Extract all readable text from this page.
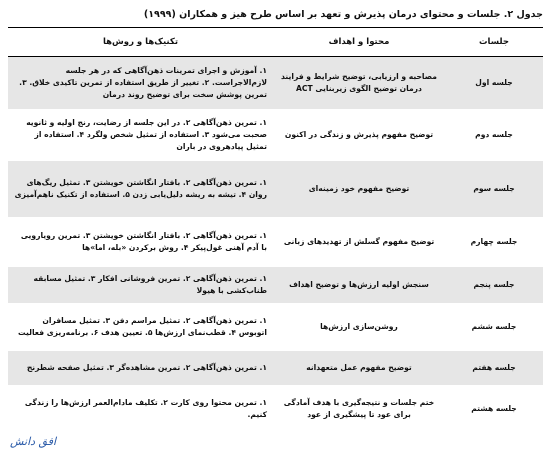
جدول ۲. جلسات و محتوای درمان پذیرش و تعهد بر اساس طرح هیز و همکاران (۱۹۹۹)
جلسات	محتوا و اهداف	تکنیک‌ها و روش‌ها
جلسه اول	مصاحبه و ارزیابی، توضیح شرایط و فرایند درمان توضیح الگوی زیربنایی ACT	۱. آموزش و اجرای تمرینات ذهن‌آگاهی که در هر جلسه لازم‌الاجراست. ۲. تغییر از طریق استفاده از تمرین تاکیدی خلاق. ۳. تمرین پوشش سخت برای توضیح روند درمان
جلسه دوم	توضیح مفهوم پذیرش و زندگی در اکنون	۱. تمرین ذهن‌آگاهی ۲. در این جلسه از رضایت، رنج اولیه و ثانویه صحبت می‌شود ۳. استفاده از تمثیل شخص ولگرد ۴. استفاده از تمثیل پیادهروی در باران
جلسه سوم	توضیح مفهوم خود زمینه‌ای	۱. تمرین ذهن‌آگاهی ۲. بافتار انگاشتن خویشتن ۳. تمثیل ریگ‌های روان ۴. تیشه به ریشه دلیل‌یابی زدن ۵. استفاده از تکنیک ناهم‌آمیزی
جلسه چهارم	توضیح مفهوم گسلش از تهدیدهای زبانی	۱. تمرین ذهن‌آگاهی ۲. بافتار انگاشتن خویشتن ۳. تمرین رویارویی با آدم آهنی غول‌پیکر ۴. روش برکردن «بله، اما»ها
جلسه پنجم	سنجش اولیه ارزش‌ها و توضیح اهداف	۱. تمرین ذهن‌آگاهی ۲. تمرین فروشانی افکار ۳. تمثیل مسابقه طناب‌کشی با هیولا
جلسه ششم	روشن‌سازی ارزش‌ها	۱. تمرین ذهن‌آگاهی ۲. تمثیل مراسم دفن ۳. تمثیل مسافران اتوبوس ۴. قطب‌نمای ارزش‌ها ۵. تعیین هدف ۶. برنامه‌ریزی فعالیت
جلسه هفتم	توضیح مفهوم عمل متعهدانه	۱. تمرین ذهن‌آگاهی ۲. تمرین مشاهده‌گر ۳. تمثیل صفحه شطرنج
جلسه هشتم	ختم جلسات و نتیجه‌گیری با هدف آمادگی برای عود تا پیشگیری از عود	۱. تمرین محتوا روی کارت ۲. تکلیف مادام‌العمر ارزش‌ها را زندگی کنیم.
افق دانش
